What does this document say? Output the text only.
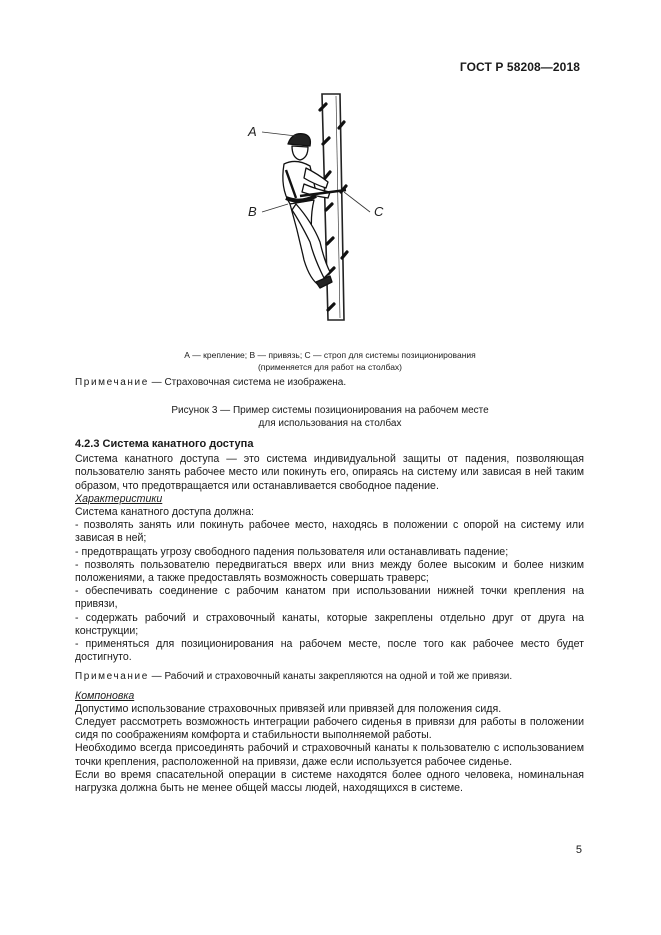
ГОСТ Р 58208—2018
A
B	C
А — крепление; В — привязь; С — строп для системы позиционирования
(применяется для работ на столбах)
Примечание — Страховочная система не изображена.
Рисунок 3 — Пример системы позиционирования на рабочем месте
для использования на столбах

4.2.3 Система канатного доступа

Система канатного доступа — это система индивидуальной защиты от падения, позволяющая пользователю занять рабочее место или покинуть его, опираясь на систему или зависая в ней таким образом, что предотвращается или останавливается свободное падение.

Характеристики

Система канатного доступа должна:

- позволять занять или покинуть рабочее место, находясь в положении с опорой на систему или зависая в ней;

- предотвращать угрозу свободного падения пользователя или останавливать падение;

- позволять пользователю передвигаться вверх или вниз между более высоким и более низким положениями, а также предоставлять возможность совершать траверс;

- обеспечивать соединение с рабочим канатом при использовании нижней точки крепления на привязи,

- содержать рабочий и страховочный канаты, которые закреплены отдельно друг от друга на конструкции;

- применяться для позиционирования на рабочем месте, после того как рабочее место будет достигнуто.

Примечание — Рабочий и страховочный канаты закрепляются на одной и той же привязи.

Компоновка

Допустимо использование страховочных привязей или привязей для положения сидя.

Следует рассмотреть возможность интеграции рабочего сиденья в привязи для работы в положении сидя по соображениям комфорта и стабильности выполняемой работы.

Необходимо всегда присоединять рабочий и страховочный канаты к пользователю с использованием точки крепления, расположенной на привязи, даже если используется рабочее сиденье.

Если во время спасательной операции в системе находятся более одного человека, номинальная нагрузка должна быть не менее общей массы людей, находящихся в системе.

5
